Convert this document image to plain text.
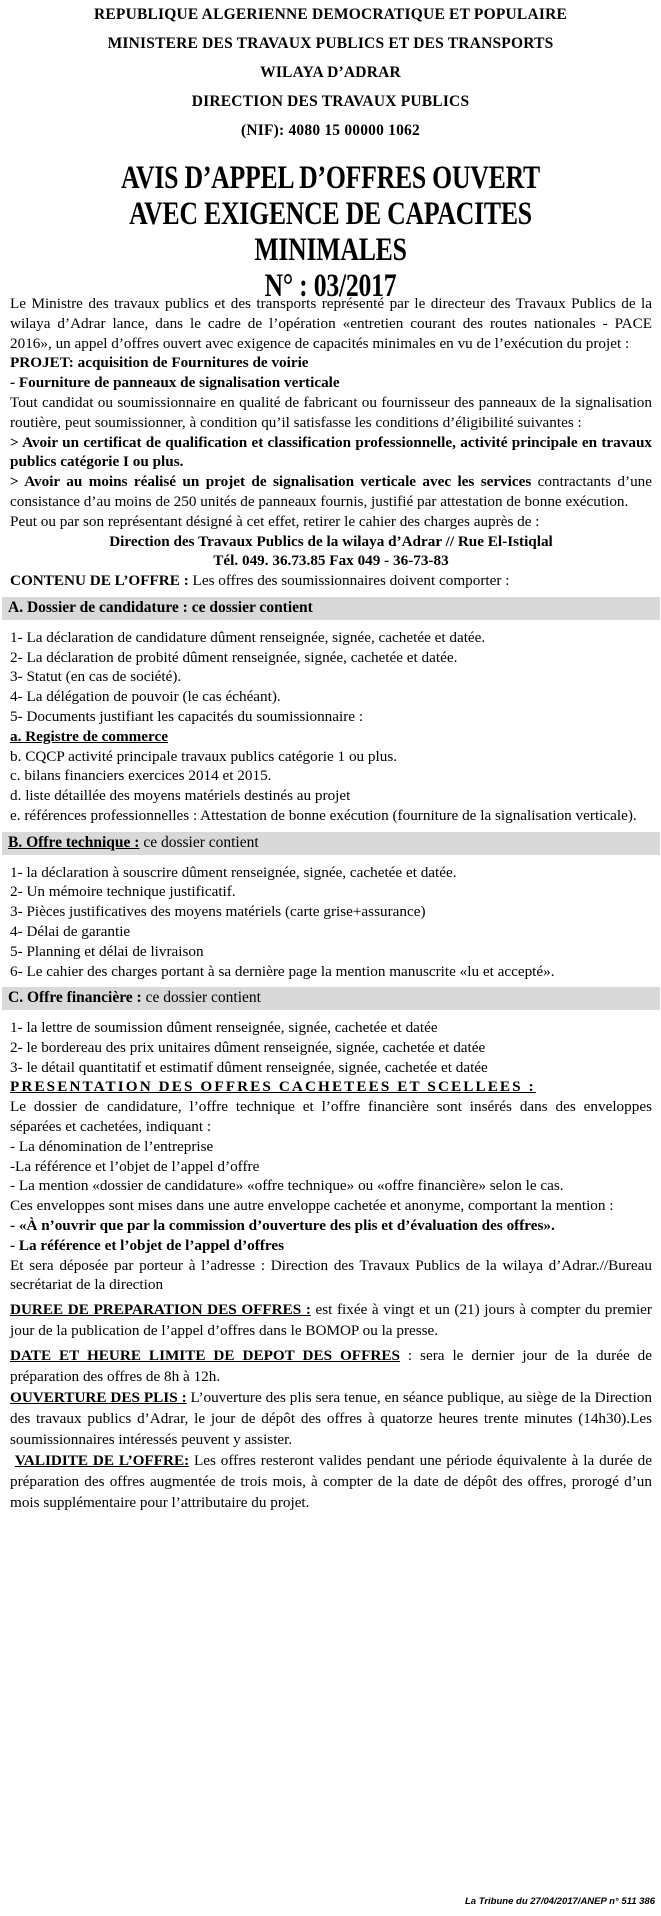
REPUBLIQUE ALGERIENNE DEMOCRATIQUE ET POPULAIRE
MINISTERE DES TRAVAUX PUBLICS ET DES TRANSPORTS
WILAYA D’ADRAR
DIRECTION DES TRAVAUX PUBLICS
(NIF): 4080 15 00000 1062
AVIS D’APPEL D’OFFRES OUVERT
AVEC EXIGENCE DE CAPACITES MINIMALES
N° : 03/2017

Le Ministre des travaux publics et des transports représenté par le directeur des Travaux Publics de la wilaya d’Adrar lance, dans le cadre de l’opération «entretien courant des routes nationales - PACE 2016», un appel d’offres ouvert avec exigence de capacités minimales en vu de l’exécution du projet :

PROJET: acquisition de Fournitures de voirie

- Fourniture de panneaux de signalisation verticale

Tout candidat ou soumissionnaire en qualité de fabricant ou fournisseur des panneaux de la signalisation routière, peut soumissionner, à condition qu’il satisfasse les conditions d’éligibilité suivantes :

> Avoir un certificat de qualification et classification professionnelle, activité principale en travaux publics catégorie I ou plus.

> Avoir au moins réalisé un projet de signalisation verticale avec les services contractants d’une consistance d’au moins de 250 unités de panneaux fournis, justifié par attestation de bonne exécution.

Peut ou par son représentant désigné à cet effet, retirer le cahier des charges auprès de :

Direction des Travaux Publics de la wilaya d’Adrar // Rue El-Istiqlal

Tél. 049. 36.73.85 Fax 049 - 36-73-83

CONTENU DE L’OFFRE : Les offres des soumissionnaires doivent comporter :

A. Dossier de candidature : ce dossier contient

1- La déclaration de candidature dûment renseignée, signée, cachetée et datée.

2- La déclaration de probité dûment renseignée, signée, cachetée et datée.

3- Statut (en cas de société).

4- La délégation de pouvoir (le cas échéant).

5- Documents justifiant les capacités du soumissionnaire :

a. Registre de commerce

b. CQCP activité principale travaux publics catégorie 1 ou plus.

c. bilans financiers exercices 2014 et 2015.

d. liste détaillée des moyens matériels destinés au projet

e. références professionnelles : Attestation de bonne exécution (fourniture de la signalisation verticale).

B. Offre technique : ce dossier contient

1- la déclaration à souscrire dûment renseignée, signée, cachetée et datée.

2- Un mémoire technique justificatif.

3- Pièces justificatives des moyens matériels (carte grise+assurance)

4- Délai de garantie

5- Planning et délai de livraison

6- Le cahier des charges portant à sa dernière page la mention manuscrite «lu et accepté».

C. Offre financière : ce dossier contient

1- la lettre de soumission dûment renseignée, signée, cachetée et datée

2- le bordereau des prix unitaires dûment renseignée, signée, cachetée et datée

3- le détail quantitatif et estimatif dûment renseignée, signée, cachetée et datée

PRESENTATION DES OFFRES CACHETEES ET SCELLEES :

Le dossier de candidature, l’offre technique et l’offre financière sont insérés dans des enveloppes séparées et cachetées, indiquant :

- La dénomination de l’entreprise

-La référence et l’objet de l’appel d’offre

- La mention «dossier de candidature» «offre technique» ou «offre financière» selon le cas.

Ces enveloppes sont mises dans une autre enveloppe cachetée et anonyme, comportant la mention :

- «À n’ouvrir que par la commission d’ouverture des plis et d’évaluation des offres».

- La référence et l’objet de l’appel d’offres

Et sera déposée par porteur à l’adresse : Direction des Travaux Publics de la wilaya d’Adrar.//Bureau secrétariat de la direction

DUREE DE PREPARATION DES OFFRES : est fixée à vingt et un (21) jours à compter du premier jour de la publication de l’appel d’offres dans le BOMOP ou la presse.

DATE ET HEURE LIMITE DE DEPOT DES OFFRES : sera le dernier jour de la durée de préparation des offres de 8h à 12h.

OUVERTURE DES PLIS : L’ouverture des plis sera tenue, en séance publique, au siège de la Direction des travaux publics d’Adrar, le jour de dépôt des offres à quatorze heures trente minutes (14h30).Les soumissionnaires intéressés peuvent y assister.

VALIDITE DE L’OFFRE: Les offres resteront valides pendant une période équivalente à la durée de préparation des offres augmentée de trois mois, à compter de la date de dépôt des offres, prorogé d’un mois supplémentaire pour l’attributaire du projet.

La Tribune du 27/04/2017/ANEP n° 511 386
